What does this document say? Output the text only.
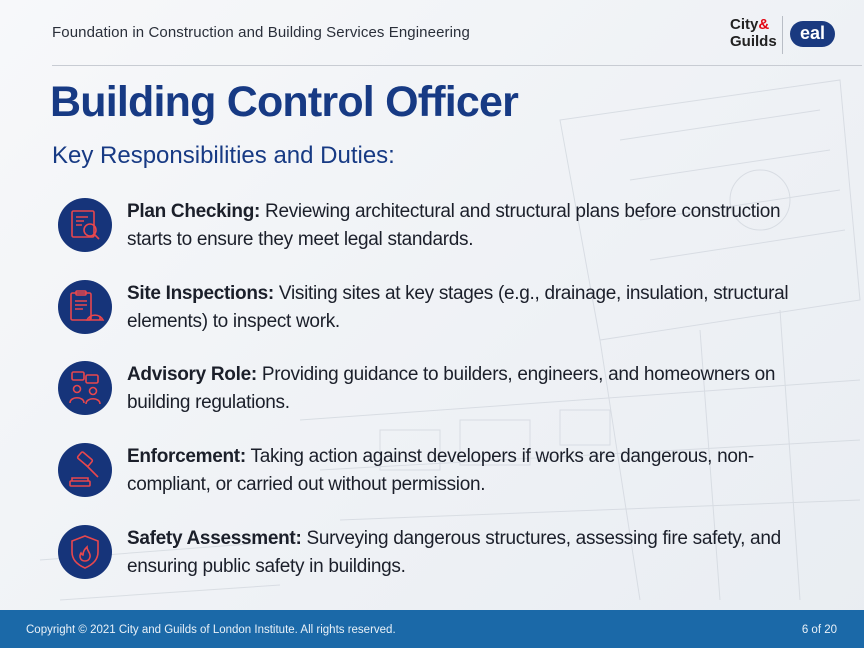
Foundation in Construction and Building Services Engineering	City&
Guilds	eal
Building Control Officer
Key Responsibilities and Duties:
Plan Checking: Reviewing architectural and structural plans before construction starts to ensure they meet legal standards.
Site Inspections: Visiting sites at key stages (e.g., drainage, insulation, structural elements) to inspect work.
Advisory Role: Providing guidance to builders, engineers, and homeowners on building regulations.
Enforcement: Taking action against developers if works are dangerous, non-compliant, or carried out without permission.
Safety Assessment: Surveying dangerous structures, assessing fire safety, and ensuring public safety in buildings.
Copyright © 2021 City and Guilds of London Institute. All rights reserved.	6 of 20
